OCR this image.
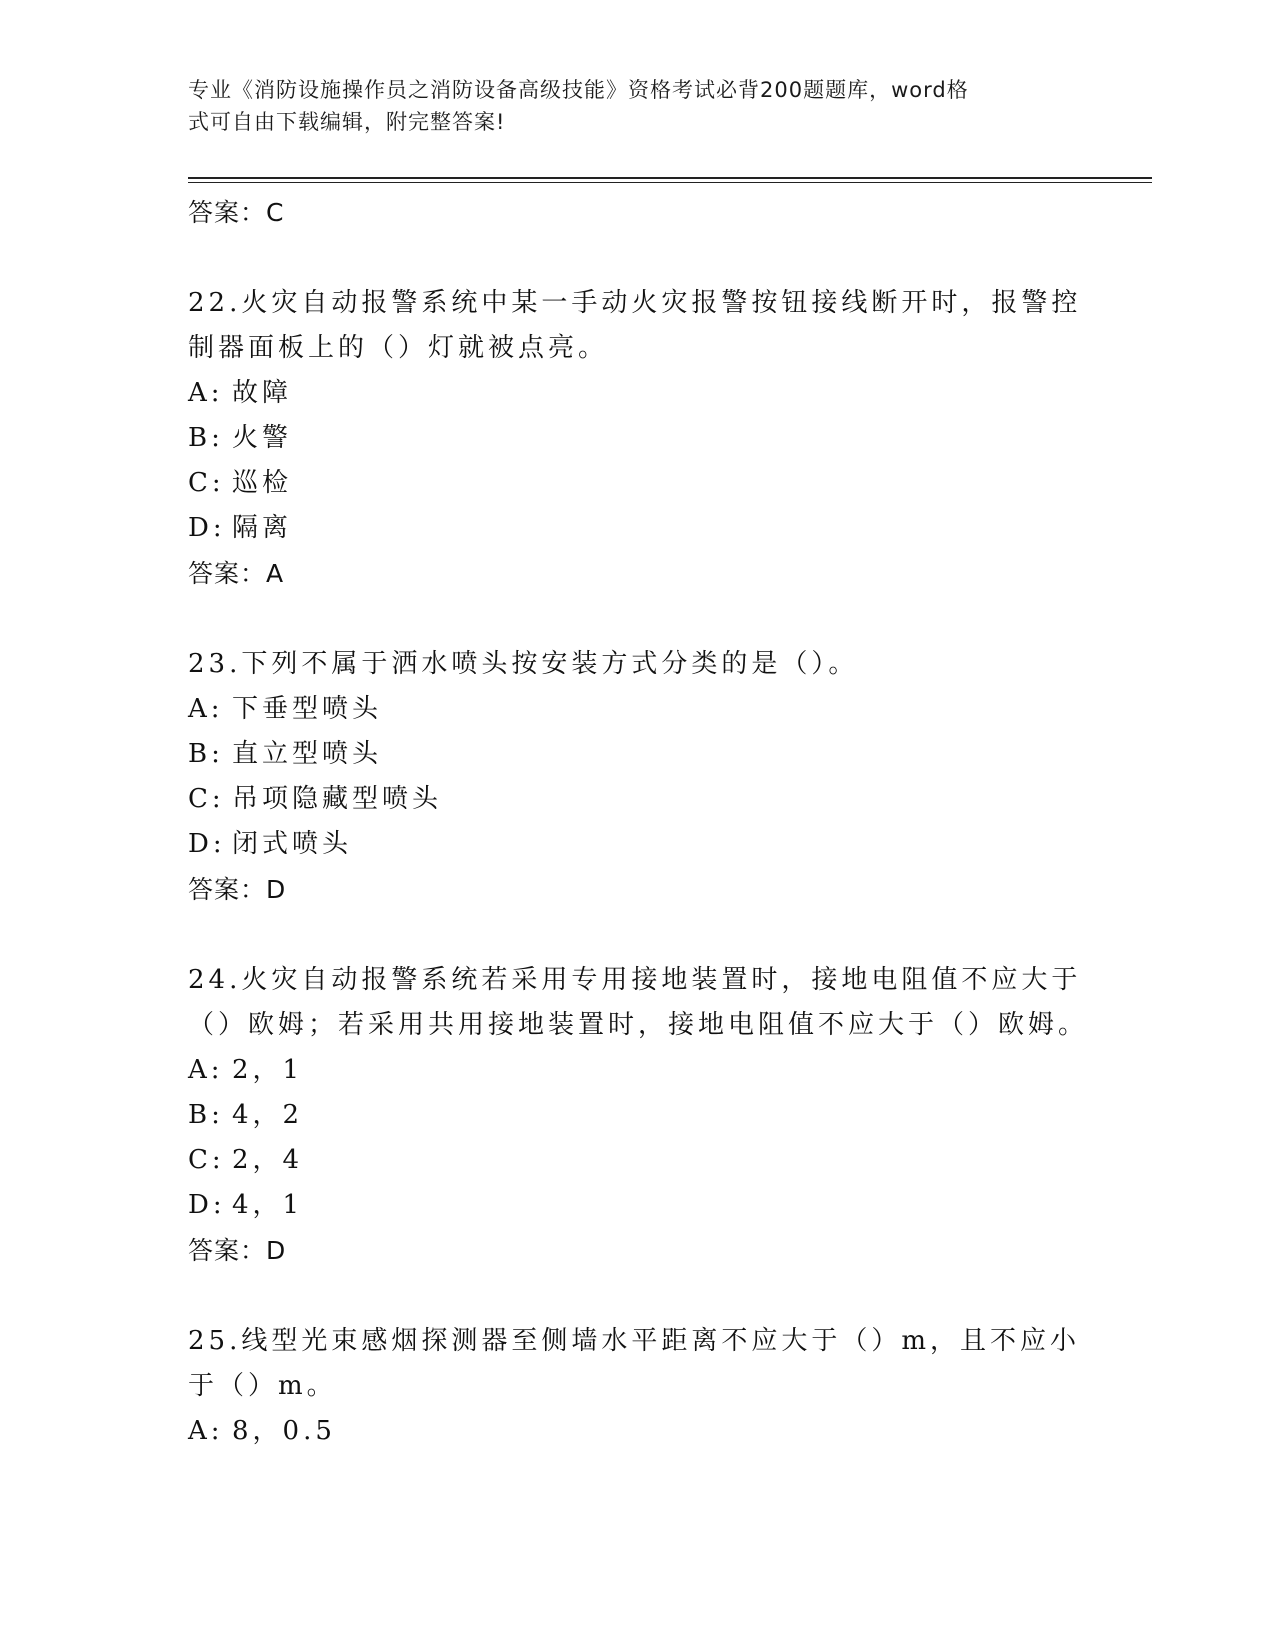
专业《消防设施操作员之消防设备高级技能》资格考试必背200题题库，word格
式可自由下载编辑，附完整答案!
答案：C

22.火灾自动报警系统中某一手动火灾报警按钮接线断开时，报警控制器面板上的（）灯就被点亮。

A: 故障
B: 火警
C: 巡检
D: 隔离
答案：A

23.下列不属于洒水喷头按安装方式分类的是（）。

A: 下垂型喷头
B: 直立型喷头
C: 吊项隐藏型喷头
D: 闭式喷头
答案：D

24.火灾自动报警系统若采用专用接地装置时，接地电阻值不应大于（）欧姆；若采用共用接地装置时，接地电阻值不应大于（）欧姆。

A: 2，1
B: 4，2
C: 2，4
D: 4，1
答案：D

25.线型光束感烟探测器至侧墙水平距离不应大于（）m，且不应小于（）m。

A: 8，0.5
